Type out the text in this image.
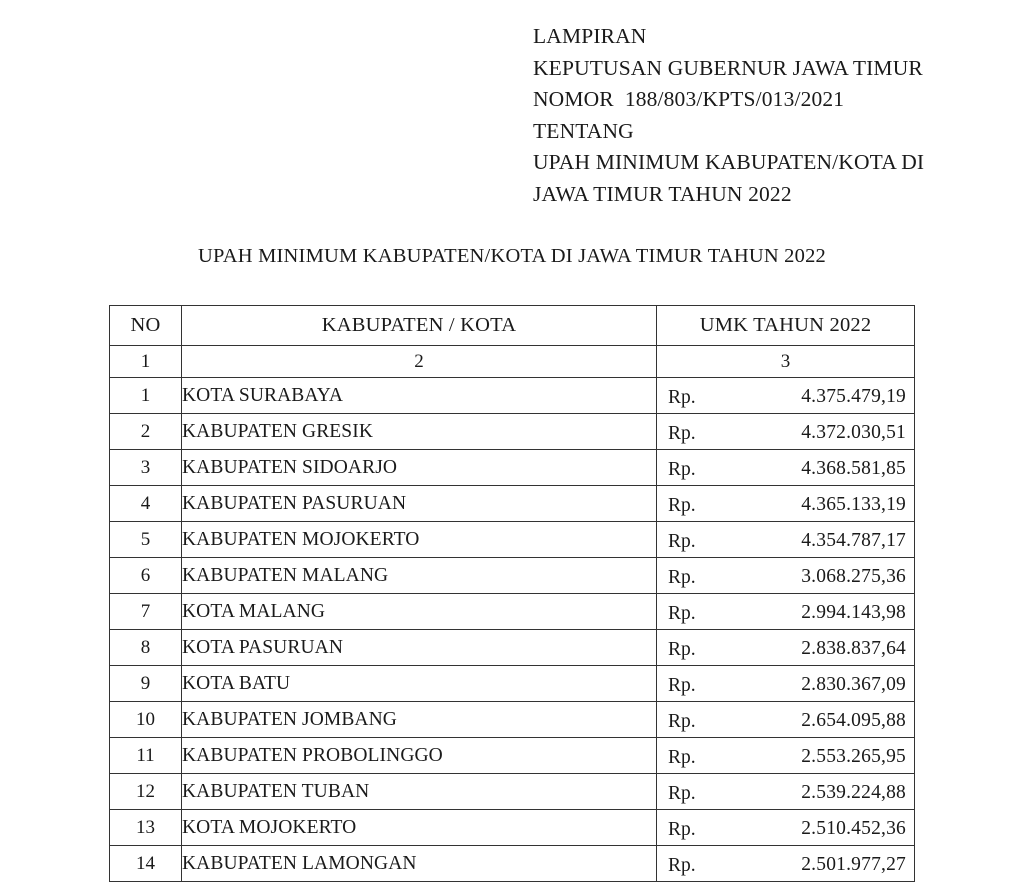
LAMPIRAN
KEPUTUSAN GUBERNUR JAWA TIMUR
NOMOR  188/803/KPTS/013/2021
TENTANG
UPAH MINIMUM KABUPATEN/KOTA DI
JAWA TIMUR TAHUN 2022
UPAH MINIMUM KABUPATEN/KOTA DI JAWA TIMUR TAHUN 2022
NO	KABUPATEN / KOTA	UMK TAHUN 2022
1	2	3
1	KOTA SURABAYA	Rp. 4.375.479,19

2	KABUPATEN GRESIK	Rp. 4.372.030,51

3	KABUPATEN SIDOARJO	Rp. 4.368.581,85

4	KABUPATEN PASURUAN	Rp. 4.365.133,19

5	KABUPATEN MOJOKERTO	Rp. 4.354.787,17

6	KABUPATEN MALANG	Rp. 3.068.275,36

7	KOTA MALANG	Rp. 2.994.143,98

8	KOTA PASURUAN	Rp. 2.838.837,64

9	KOTA BATU	Rp. 2.830.367,09

10	KABUPATEN JOMBANG	Rp. 2.654.095,88

11	KABUPATEN PROBOLINGGO	Rp. 2.553.265,95

12	KABUPATEN TUBAN	Rp. 2.539.224,88

13	KOTA MOJOKERTO	Rp. 2.510.452,36

14	KABUPATEN LAMONGAN	Rp. 2.501.977,27
